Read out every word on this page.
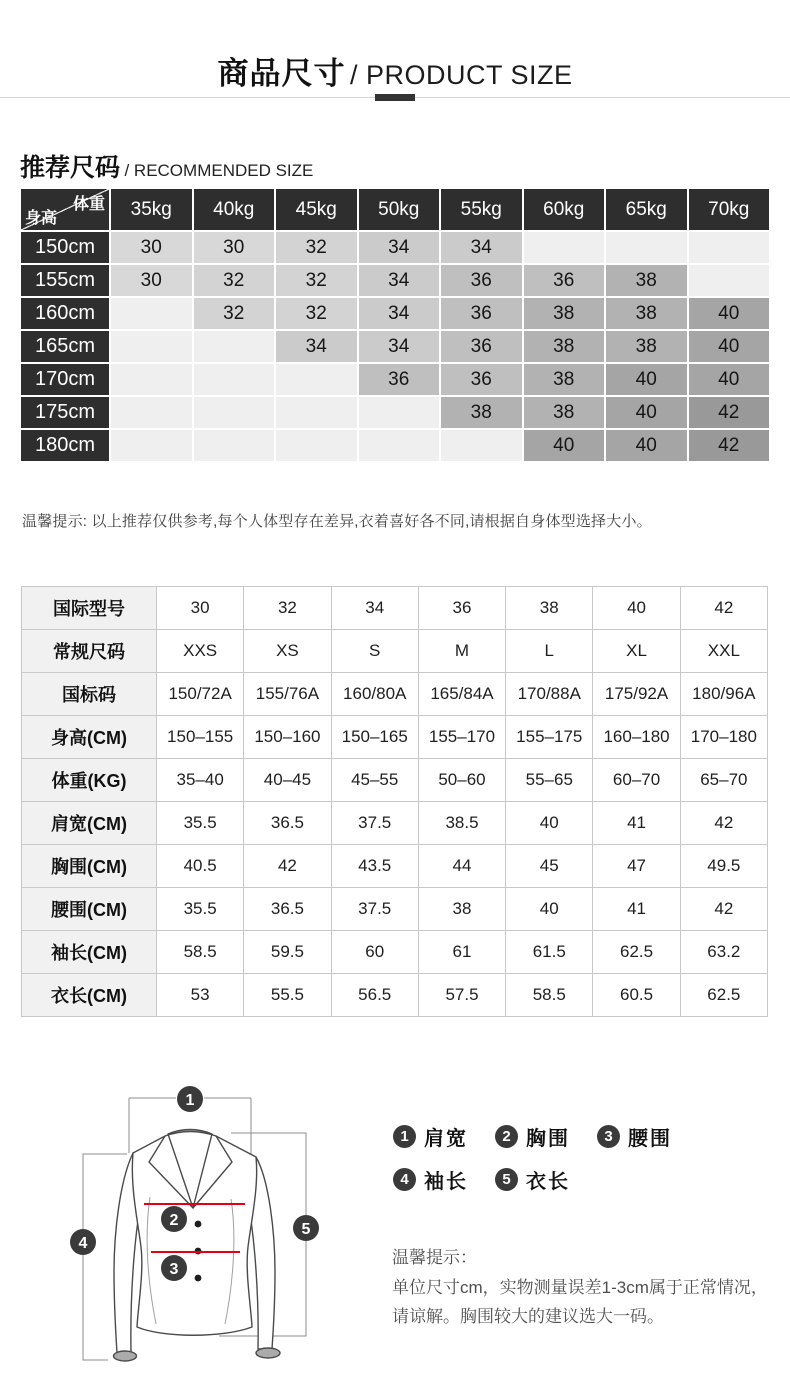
商品尺寸 / PRODUCT SIZE
推荐尺码 / RECOMMENDED SIZE
体重
身高	35kg	40kg	45kg	50kg	55kg	60kg	65kg	70kg
150cm	30	30	32	34	34			
155cm	30	32	32	34	36	36	38	
160cm		32	32	34	36	38	38	40
165cm			34	34	36	38	38	40
170cm				36	36	38	40	40
175cm					38	38	40	42
180cm						40	40	42
温馨提示: 以上推荐仅供参考,每个人体型存在差异,衣着喜好各不同,请根据自身体型选择大小。
国际型号	30	32	34	36	38	40	42
常规尺码	XXS	XS	S	M	L	XL	XXL
国标码	150/72A	155/76A	160/80A	165/84A	170/88A	175/92A	180/96A
身高(CM)	150–155	150–160	150–165	155–170	155–175	160–180	170–180
体重(KG)	35–40	40–45	45–55	50–60	55–65	60–70	65–70
肩宽(CM)	35.5	36.5	37.5	38.5	40	41	42
胸围(CM)	40.5	42	43.5	44	45	47	49.5
腰围(CM)	35.5	36.5	37.5	38	40	41	42
袖长(CM)	58.5	59.5	60	61	61.5	62.5	63.2
衣长(CM)	53	55.5	56.5	57.5	58.5	60.5	62.5
1
2
3
4
5
1 肩宽	2 胸围	3 腰围
4 袖长	5 衣长
温馨提示：
单位尺寸cm，实物测量误差1-3cm属于正常情况，请谅解。胸围较大的建议选大一码。
